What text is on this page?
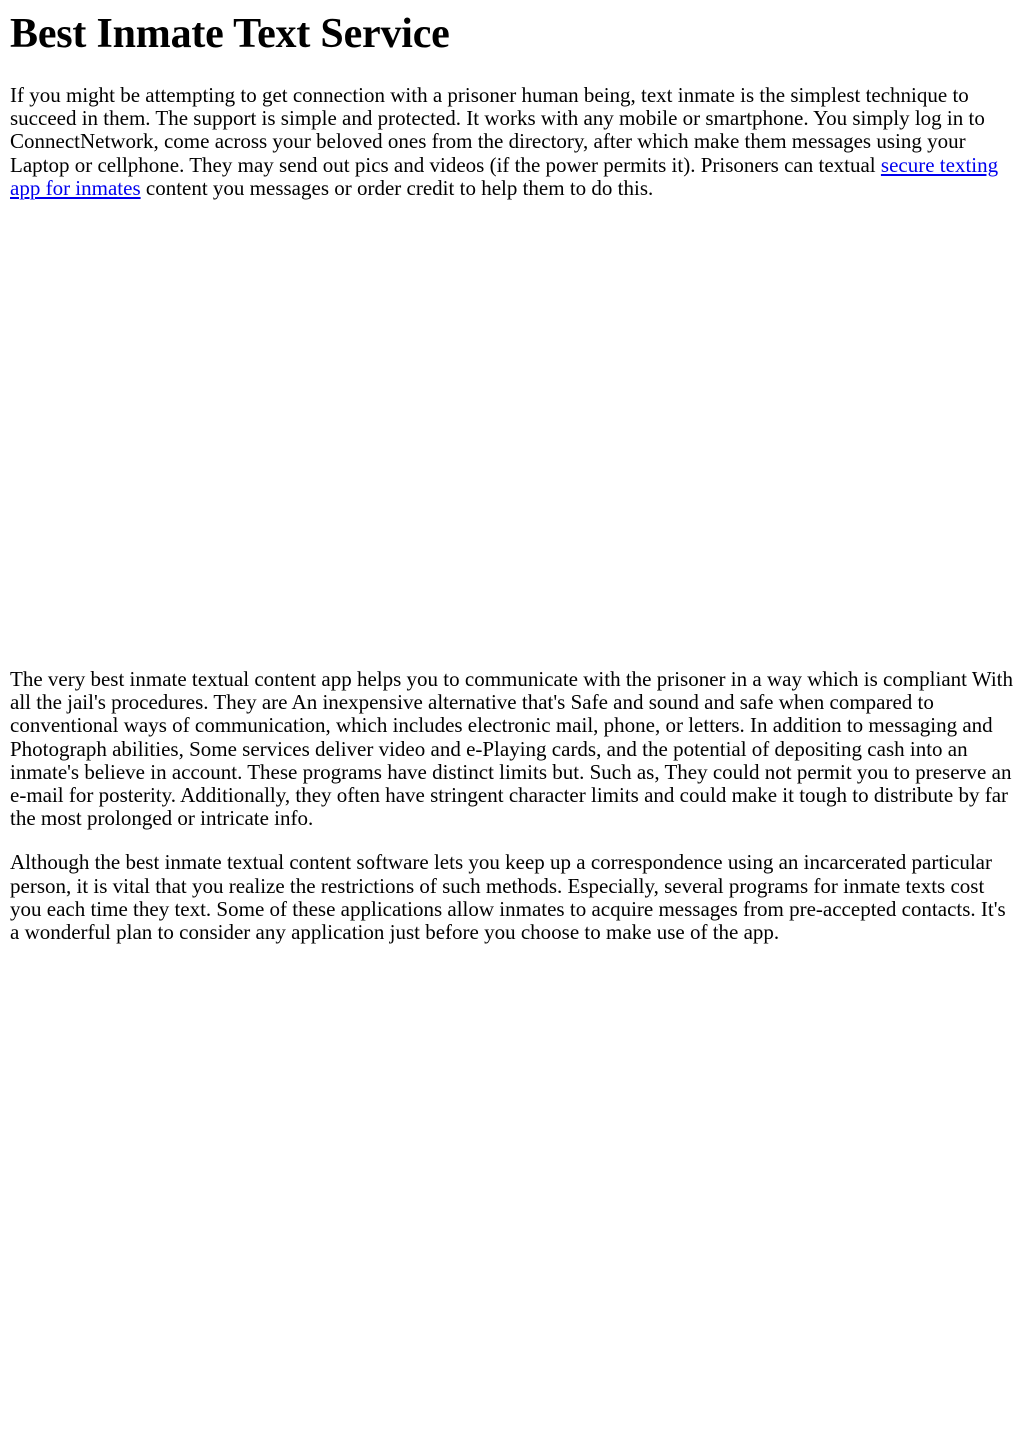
Best Inmate Text Service

If you might be attempting to get connection with a prisoner human being, text inmate is the simplest technique to succeed in them. The support is simple and protected. It works with any mobile or smartphone. You simply log in to ConnectNetwork, come across your beloved ones from the directory, after which make them messages using your Laptop or cellphone. They may send out pics and videos (if the power permits it). Prisoners can textual secure texting app for inmates content you messages or order credit to help them to do this.

The very best inmate textual content app helps you to communicate with the prisoner in a way which is compliant With all the jail's procedures. They are An inexpensive alternative that's Safe and sound and safe when compared to conventional ways of communication, which includes electronic mail, phone, or letters. In addition to messaging and Photograph abilities, Some services deliver video and e-Playing cards, and the potential of depositing cash into an inmate's believe in account. These programs have distinct limits but. Such as, They could not permit you to preserve an e-mail for posterity. Additionally, they often have stringent character limits and could make it tough to distribute by far the most prolonged or intricate info.

Although the best inmate textual content software lets you keep up a correspondence using an incarcerated particular person, it is vital that you realize the restrictions of such methods. Especially, several programs for inmate texts cost you each time they text. Some of these applications allow inmates to acquire messages from pre-accepted contacts. It's a wonderful plan to consider any application just before you choose to make use of the app.
